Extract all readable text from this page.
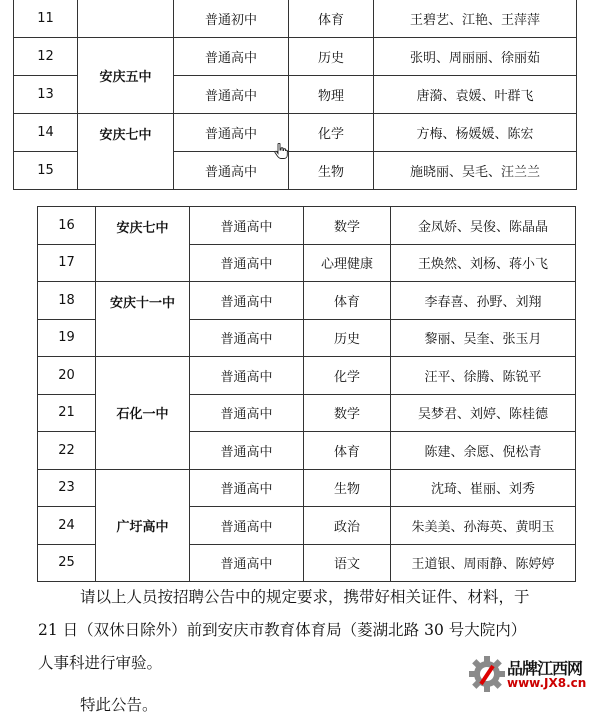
11		普通初中	体育	王碧艺、江艳、王萍萍
12	安庆五中	普通高中	历史	张明、周丽丽、徐丽茹
13		普通高中	物理	唐漪、袁媛、叶群飞
14	安庆七中	普通高中	化学	方梅、杨媛媛、陈宏
15		普通高中	生物	施晓丽、吴毛、汪兰兰
16	安庆七中	普通高中	数学	金凤娇、吴俊、陈晶晶
17		普通高中	心理健康	王焕然、刘杨、蒋小飞
18	安庆十一中	普通高中	体育	李春喜、孙野、刘翔
19		普通高中	历史	黎丽、吴奎、张玉月
20	石化一中	普通高中	化学	汪平、徐腾、陈锐平
21		普通高中	数学	吴梦君、刘婷、陈桂德
22		普通高中	体育	陈建、余愿、倪松青
23	广圩高中	普通高中	生物	沈琦、崔丽、刘秀
24		普通高中	政治	朱美美、孙海英、黄明玉
25		普通高中	语文	王道银、周雨静、陈婷婷
请以上人员按招聘公告中的规定要求，携带好相关证件、材料，于
21 日（双休日除外）前到安庆市教育体育局（菱湖北路 30 号大院内）
人事科进行审验。
特此公告。
品牌江西网
www.JX8.cn
